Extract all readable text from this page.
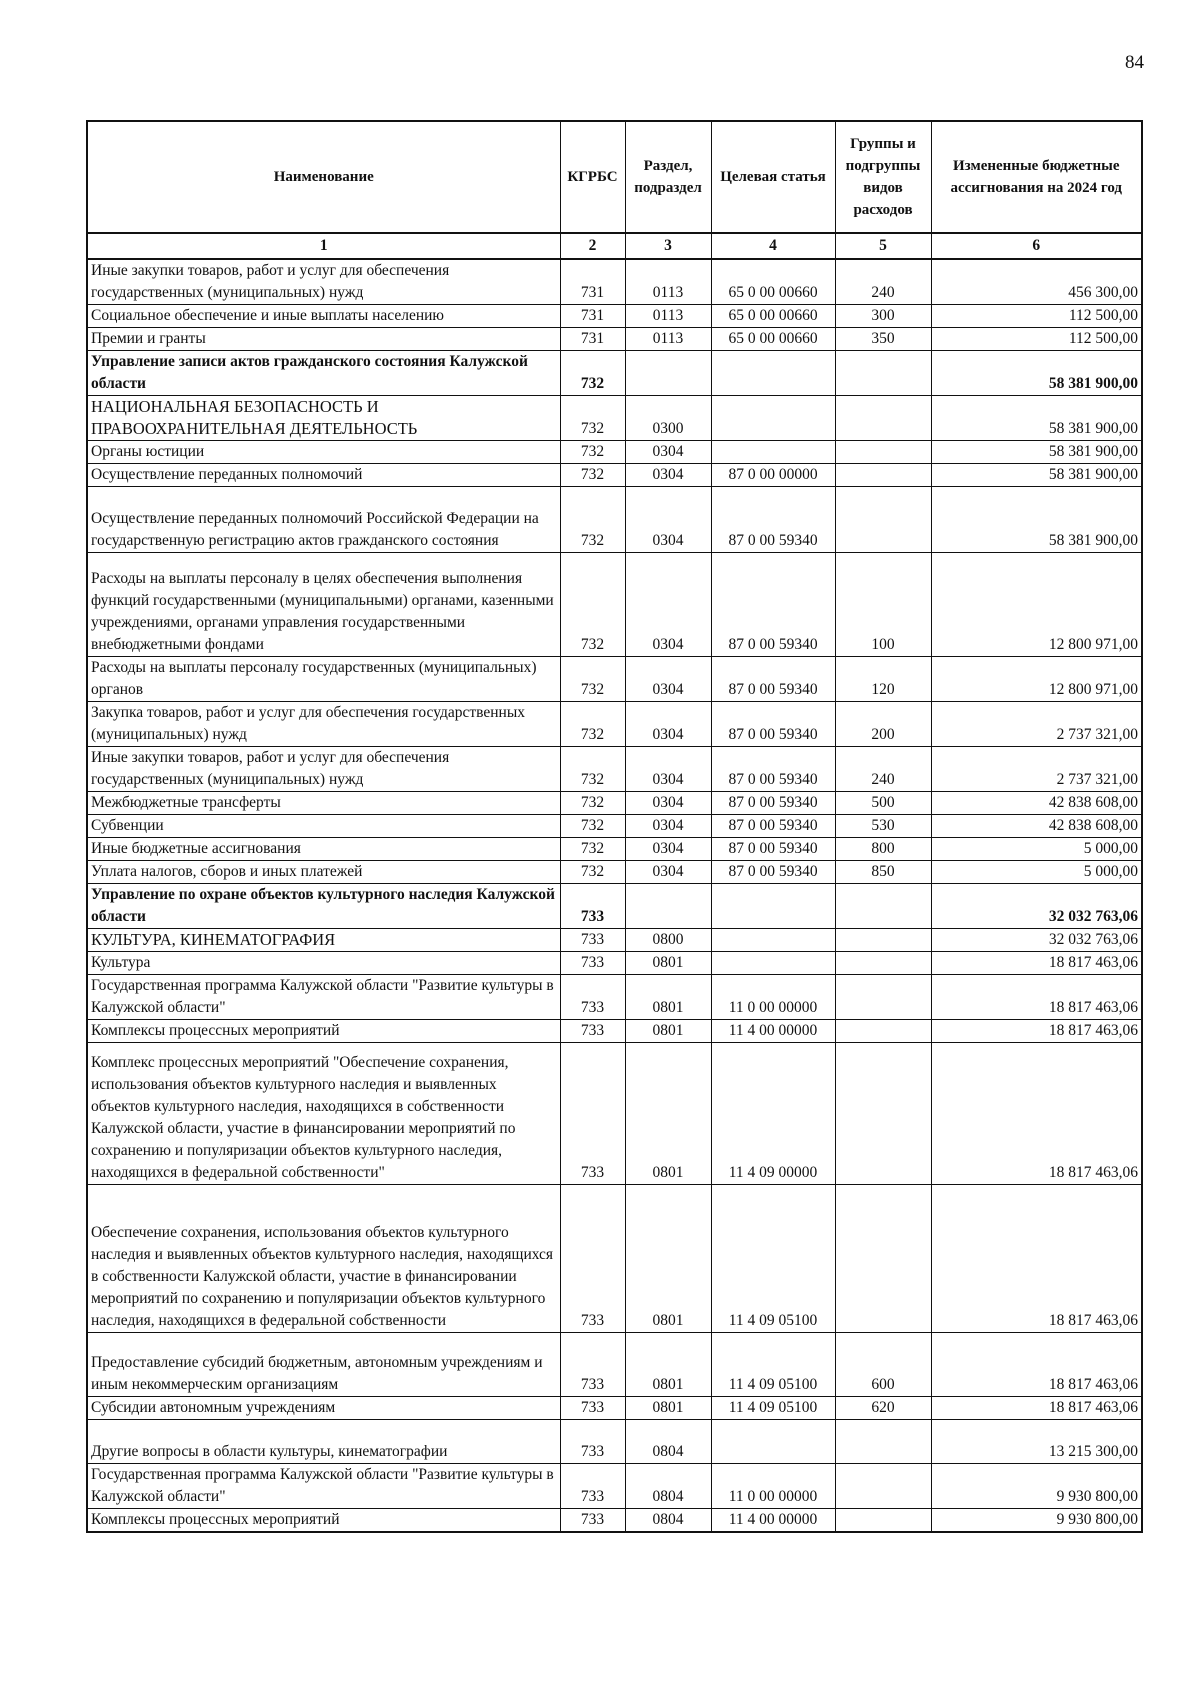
84
Наименование	КГРБС	Раздел, подраздел	Целевая статья	Группы и подгруппы видов расходов	Измененные бюджетные ассигнования на 2024 год
1	2	3	4	5	6
Иные закупки товаров, работ и услуг для обеспечения государственных (муниципальных) нужд	731	0113	65 0 00 00660	240	456 300,00
Социальное обеспечение и иные выплаты населению	731	0113	65 0 00 00660	300	112 500,00
Премии и гранты	731	0113	65 0 00 00660	350	112 500,00
Управление записи актов гражданского состояния Калужской области	732				58 381 900,00
НАЦИОНАЛЬНАЯ БЕЗОПАСНОСТЬ И ПРАВООХРАНИТЕЛЬНАЯ ДЕЯТЕЛЬНОСТЬ	732	0300			58 381 900,00
Органы юстиции	732	0304			58 381 900,00
Осуществление переданных полномочий	732	0304	87 0 00 00000		58 381 900,00
Осуществление переданных полномочий Российской Федерации на государственную регистрацию актов гражданского состояния	732	0304	87 0 00 59340		58 381 900,00
Расходы на выплаты персоналу в целях обеспечения выполнения функций государственными (муниципальными) органами, казенными учреждениями, органами управления государственными внебюджетными фондами	732	0304	87 0 00 59340	100	12 800 971,00
Расходы на выплаты персоналу государственных (муниципальных) органов	732	0304	87 0 00 59340	120	12 800 971,00
Закупка товаров, работ и услуг для обеспечения государственных (муниципальных) нужд	732	0304	87 0 00 59340	200	2 737 321,00
Иные закупки товаров, работ и услуг для обеспечения государственных (муниципальных) нужд	732	0304	87 0 00 59340	240	2 737 321,00
Межбюджетные трансферты	732	0304	87 0 00 59340	500	42 838 608,00
Субвенции	732	0304	87 0 00 59340	530	42 838 608,00
Иные бюджетные ассигнования	732	0304	87 0 00 59340	800	5 000,00
Уплата налогов, сборов и иных платежей	732	0304	87 0 00 59340	850	5 000,00
Управление по охране объектов культурного наследия Калужской области	733				32 032 763,06
КУЛЬТУРА, КИНЕМАТОГРАФИЯ	733	0800			32 032 763,06
Культура	733	0801			18 817 463,06
Государственная программа Калужской области "Развитие культуры в Калужской области"	733	0801	11 0 00 00000		18 817 463,06
Комплексы процессных мероприятий	733	0801	11 4 00 00000		18 817 463,06
Комплекс процессных мероприятий "Обеспечение сохранения, использования объектов культурного наследия и выявленных объектов культурного наследия, находящихся в собственности Калужской области, участие в финансировании мероприятий по сохранению и популяризации объектов культурного наследия, находящихся в федеральной собственности"	733	0801	11 4 09 00000		18 817 463,06
Обеспечение сохранения, использования объектов культурного наследия и выявленных объектов культурного наследия, находящихся в собственности Калужской области, участие в финансировании мероприятий по сохранению и популяризации объектов культурного наследия, находящихся в федеральной собственности	733	0801	11 4 09 05100		18 817 463,06
Предоставление субсидий бюджетным, автономным учреждениям и иным некоммерческим организациям	733	0801	11 4 09 05100	600	18 817 463,06
Субсидии автономным учреждениям	733	0801	11 4 09 05100	620	18 817 463,06
Другие вопросы в области культуры, кинематографии	733	0804			13 215 300,00
Государственная программа Калужской области "Развитие культуры в Калужской области"	733	0804	11 0 00 00000		9 930 800,00
Комплексы процессных мероприятий	733	0804	11 4 00 00000		9 930 800,00
